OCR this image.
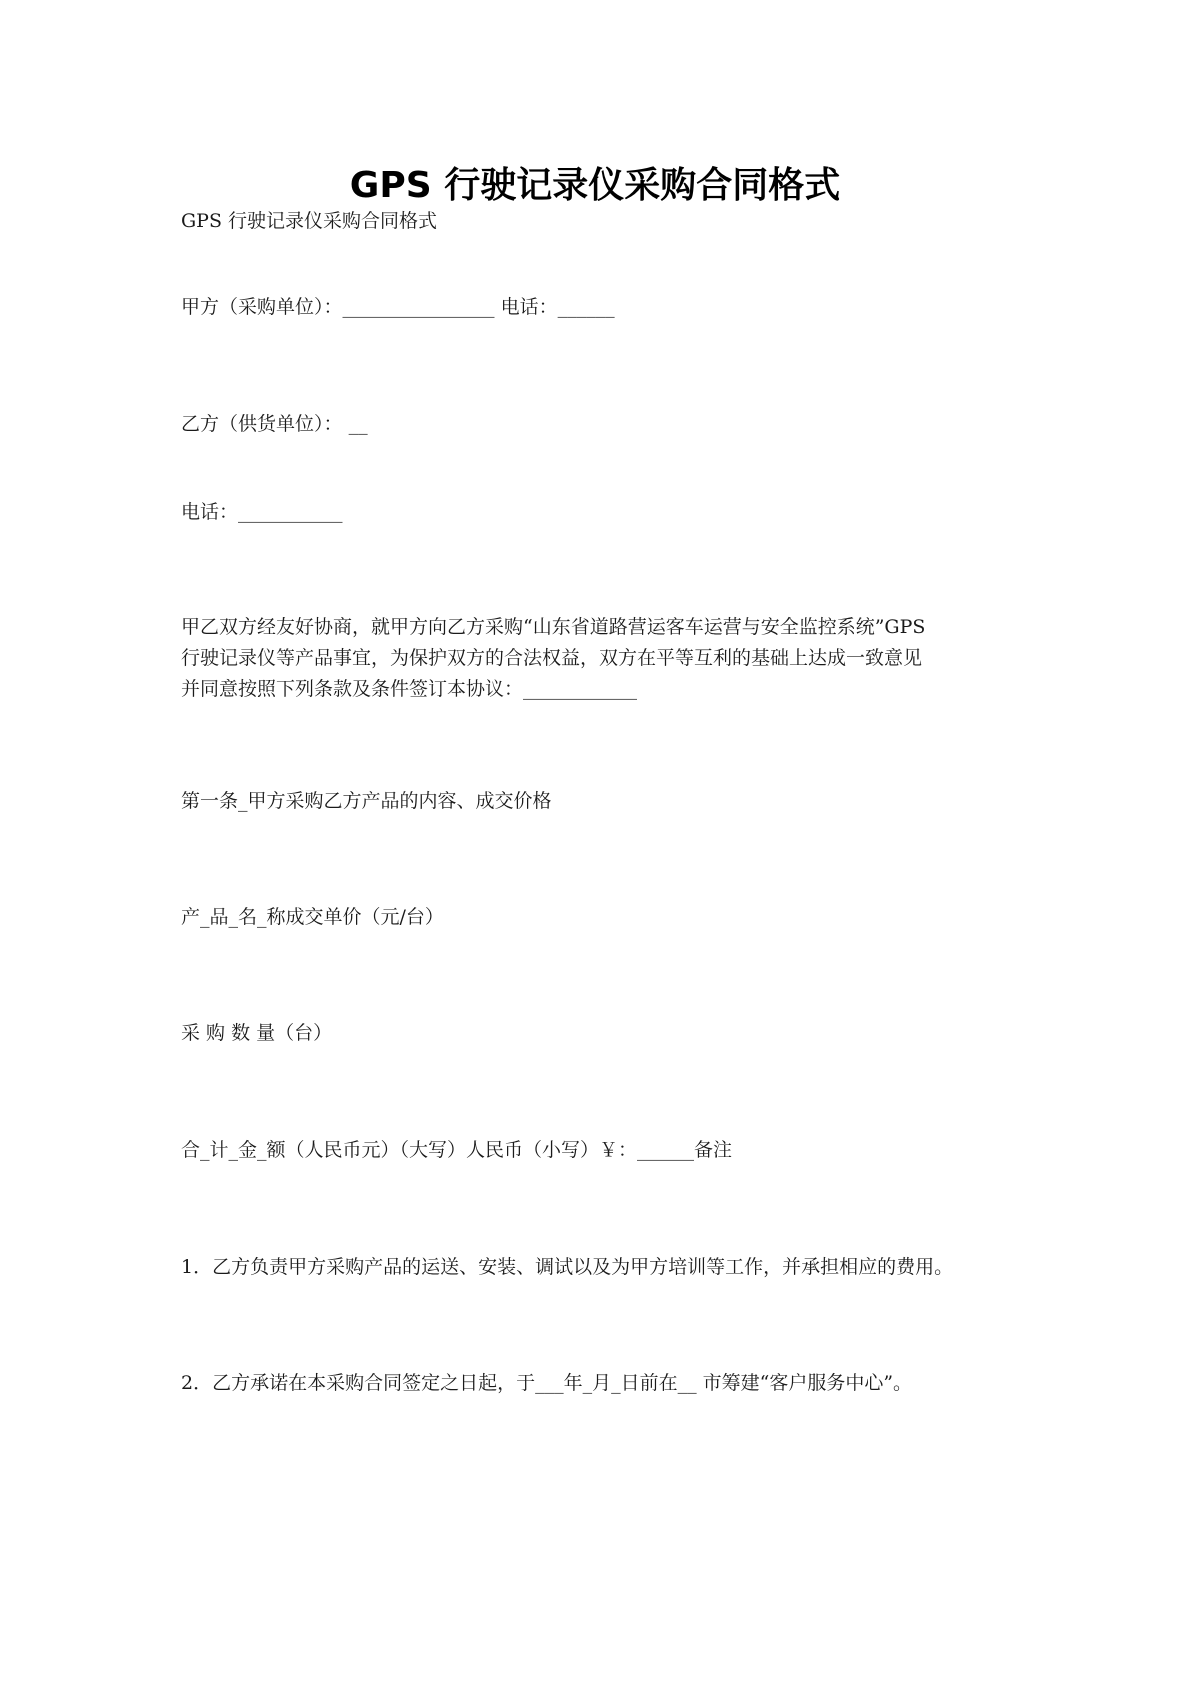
GPS 行驶记录仪采购合同格式
GPS 行驶记录仪采购合同格式
甲方（采购单位）：________________ 电话：______
乙方（供货单位）： __
电话：___________
甲乙双方经友好协商，就甲方向乙方采购“山东省道路营运客车运营与安全监控系统”GPS
行驶记录仪等产品事宜，为保护双方的合法权益，双方在平等互利的基础上达成一致意见
并同意按照下列条款及条件签订本协议：____________
第一条_甲方采购乙方产品的内容、成交价格
产_品_名_称成交单价（元/台）
采 购 数 量（台）
合_计_金_额（人民币元）（大写）人民币（小写）￥：______备注
1．乙方负责甲方采购产品的运送、安装、调试以及为甲方培训等工作，并承担相应的费用。
2．乙方承诺在本采购合同签定之日起，于___年_月_日前在__ 市筹建“客户服务中心”。
